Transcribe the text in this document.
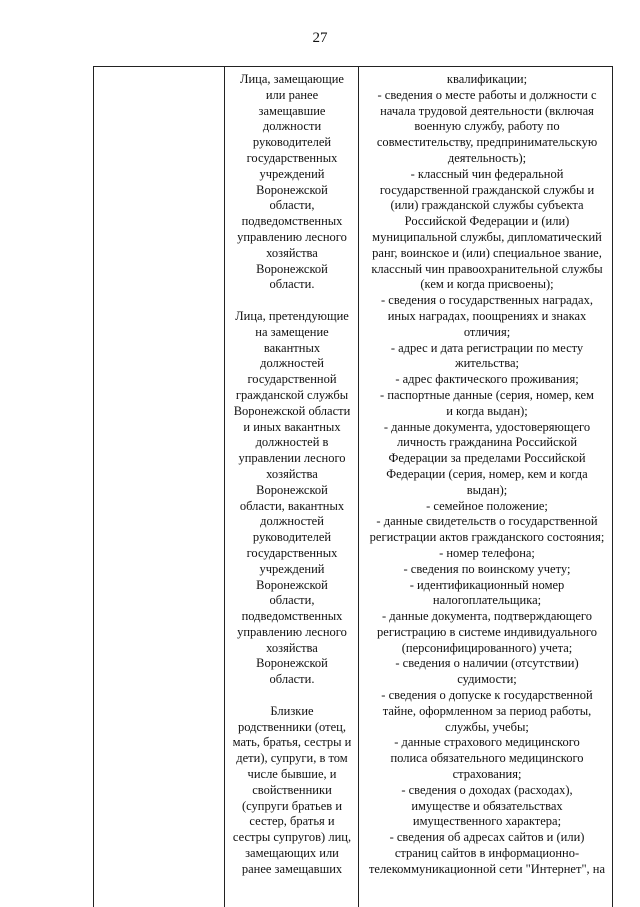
27
Лица, замещающие
или ранее
замещавшие
должности
руководителей
государственных
учреждений
Воронежской
области,
подведомственных
управлению лесного
хозяйства
Воронежской
области.

Лица, претендующие
на замещение
вакантных
должностей
государственной
гражданской службы
Воронежской области
и иных вакантных
должностей в
управлении лесного
хозяйства
Воронежской
области, вакантных
должностей
руководителей
государственных
учреждений
Воронежской
области,
подведомственных
управлению лесного
хозяйства
Воронежской
области.

Близкие
родственники (отец,
мать, братья, сестры и
дети), супруги, в том
числе бывшие, и
свойственники
(супруги братьев и
сестер, братья и
сестры супругов) лиц,
замещающих или
ранее замещавших
квалификации;
- сведения о месте работы и должности с
начала трудовой деятельности (включая
военную службу, работу по
совместительству, предпринимательскую
деятельность);
- классный чин федеральной
государственной гражданской службы и
(или) гражданской службы субъекта
Российской Федерации и (или)
муниципальной службы, дипломатический
ранг, воинское и (или) специальное звание,
классный чин правоохранительной службы
(кем и когда присвоены);
- сведения о государственных наградах,
иных наградах, поощрениях и знаках
отличия;
- адрес и дата регистрации по месту
жительства;
- адрес фактического проживания;
- паспортные данные (серия, номер, кем
и когда выдан);
- данные документа, удостоверяющего
личность гражданина Российской
Федерации за пределами Российской
Федерации (серия, номер, кем и когда
выдан);
- семейное положение;
- данные свидетельств о государственной
регистрации актов гражданского состояния;
- номер телефона;
- сведения по воинскому учету;
- идентификационный номер
налогоплательщика;
- данные документа, подтверждающего
регистрацию в системе индивидуального
(персонифицированного) учета;
- сведения о наличии (отсутствии)
судимости;
- сведения о допуске к государственной
тайне, оформленном за период работы,
службы, учебы;
- данные страхового медицинского
полиса обязательного медицинского
страхования;
- сведения о доходах (расходах),
имуществе и обязательствах
имущественного характера;
- сведения об адресах сайтов и (или)
страниц сайтов в информационно-
телекоммуникационной сети "Интернет", на
